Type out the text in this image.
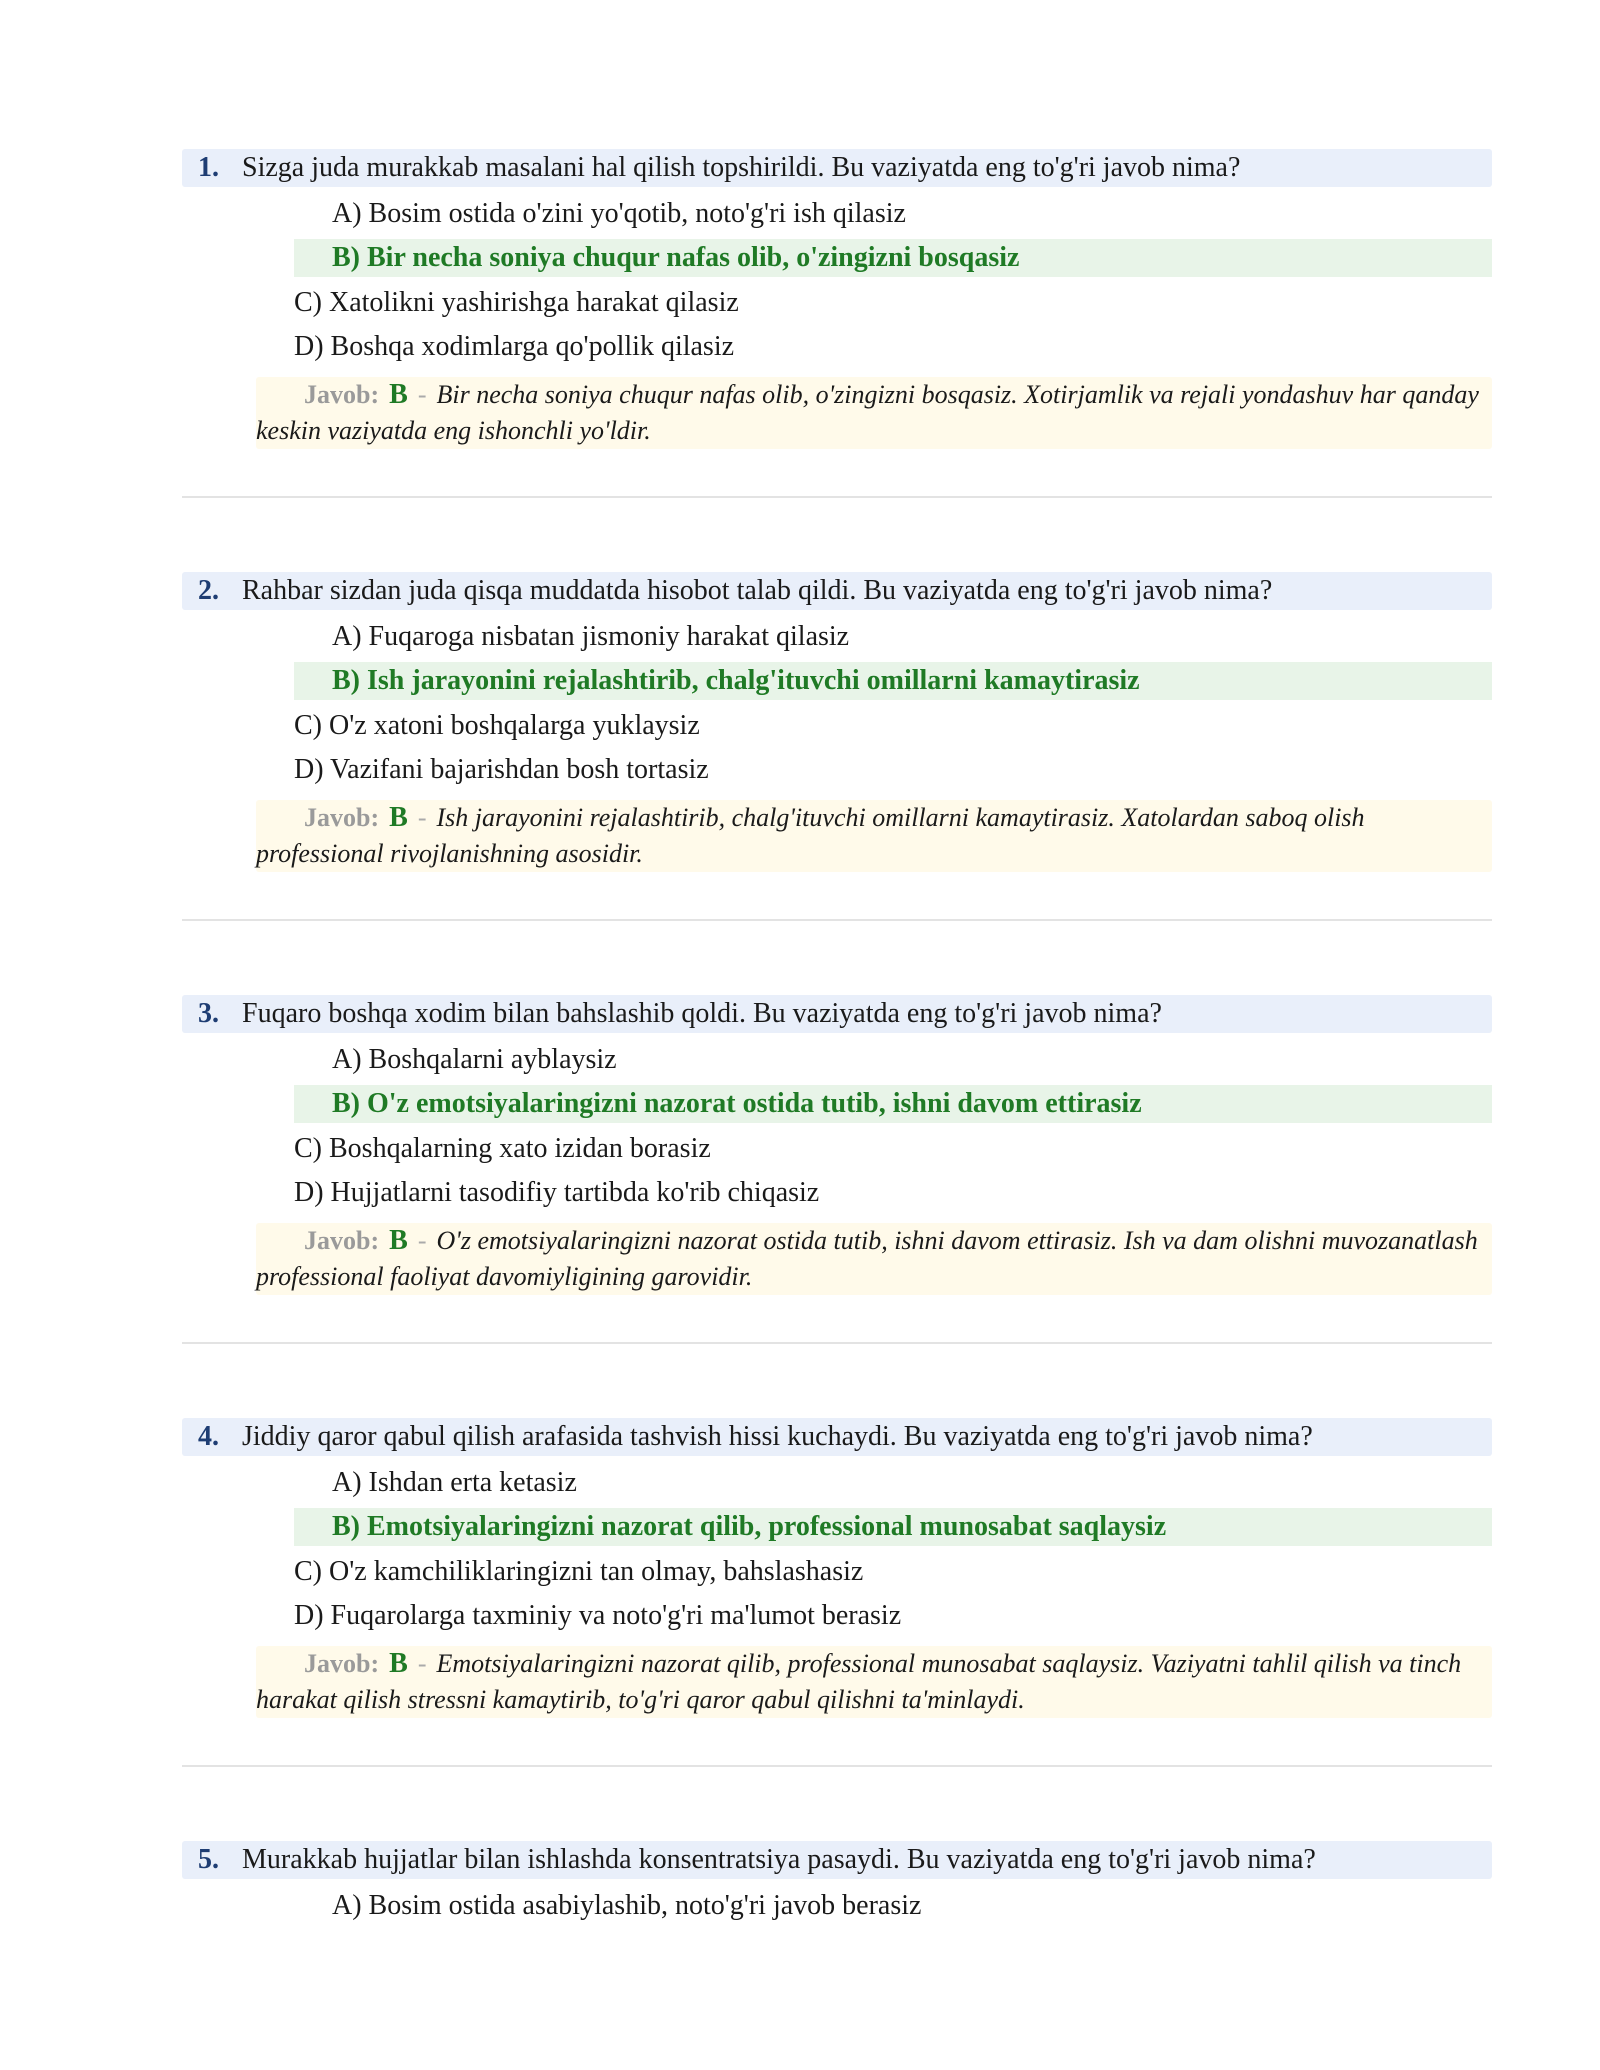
1. Sizga juda murakkab masalani hal qilish topshirildi. Bu vaziyatda eng to'g'ri javob nima?
A) Bosim ostida o'zini yo'qotib, noto'g'ri ish qilasiz
B) Bir necha soniya chuqur nafas olib, o'zingizni bosqasiz
C) Xatolikni yashirishga harakat qilasiz
D) Boshqa xodimlarga qo'pollik qilasiz
Javob: B - Bir necha soniya chuqur nafas olib, o'zingizni bosqasiz. Xotirjamlik va rejali yondashuv har qanday keskin vaziyatda eng ishonchli yo'ldir.
2. Rahbar sizdan juda qisqa muddatda hisobot talab qildi. Bu vaziyatda eng to'g'ri javob nima?
A) Fuqaroga nisbatan jismoniy harakat qilasiz
B) Ish jarayonini rejalashtirib, chalg'ituvchi omillarni kamaytirasiz
C) O'z xatoni boshqalarga yuklaysiz
D) Vazifani bajarishdan bosh tortasiz
Javob: B - Ish jarayonini rejalashtirib, chalg'ituvchi omillarni kamaytirasiz. Xatolardan saboq olish professional rivojlanishning asosidir.
3. Fuqaro boshqa xodim bilan bahslashib qoldi. Bu vaziyatda eng to'g'ri javob nima?
A) Boshqalarni ayblaysiz
B) O'z emotsiyalaringizni nazorat ostida tutib, ishni davom ettirasiz
C) Boshqalarning xato izidan borasiz
D) Hujjatlarni tasodifiy tartibda ko'rib chiqasiz
Javob: B - O'z emotsiyalaringizni nazorat ostida tutib, ishni davom ettirasiz. Ish va dam olishni muvozanatlash professional faoliyat davomiyligining garovidir.
4. Jiddiy qaror qabul qilish arafasida tashvish hissi kuchaydi. Bu vaziyatda eng to'g'ri javob nima?
A) Ishdan erta ketasiz
B) Emotsiyalaringizni nazorat qilib, professional munosabat saqlaysiz
C) O'z kamchiliklaringizni tan olmay, bahslashasiz
D) Fuqarolarga taxminiy va noto'g'ri ma'lumot berasiz
Javob: B - Emotsiyalaringizni nazorat qilib, professional munosabat saqlaysiz. Vaziyatni tahlil qilish va tinch harakat qilish stressni kamaytirib, to'g'ri qaror qabul qilishni ta'minlaydi.
5. Murakkab hujjatlar bilan ishlashda konsentratsiya pasaydi. Bu vaziyatda eng to'g'ri javob nima?
A) Bosim ostida asabiylashib, noto'g'ri javob berasiz
